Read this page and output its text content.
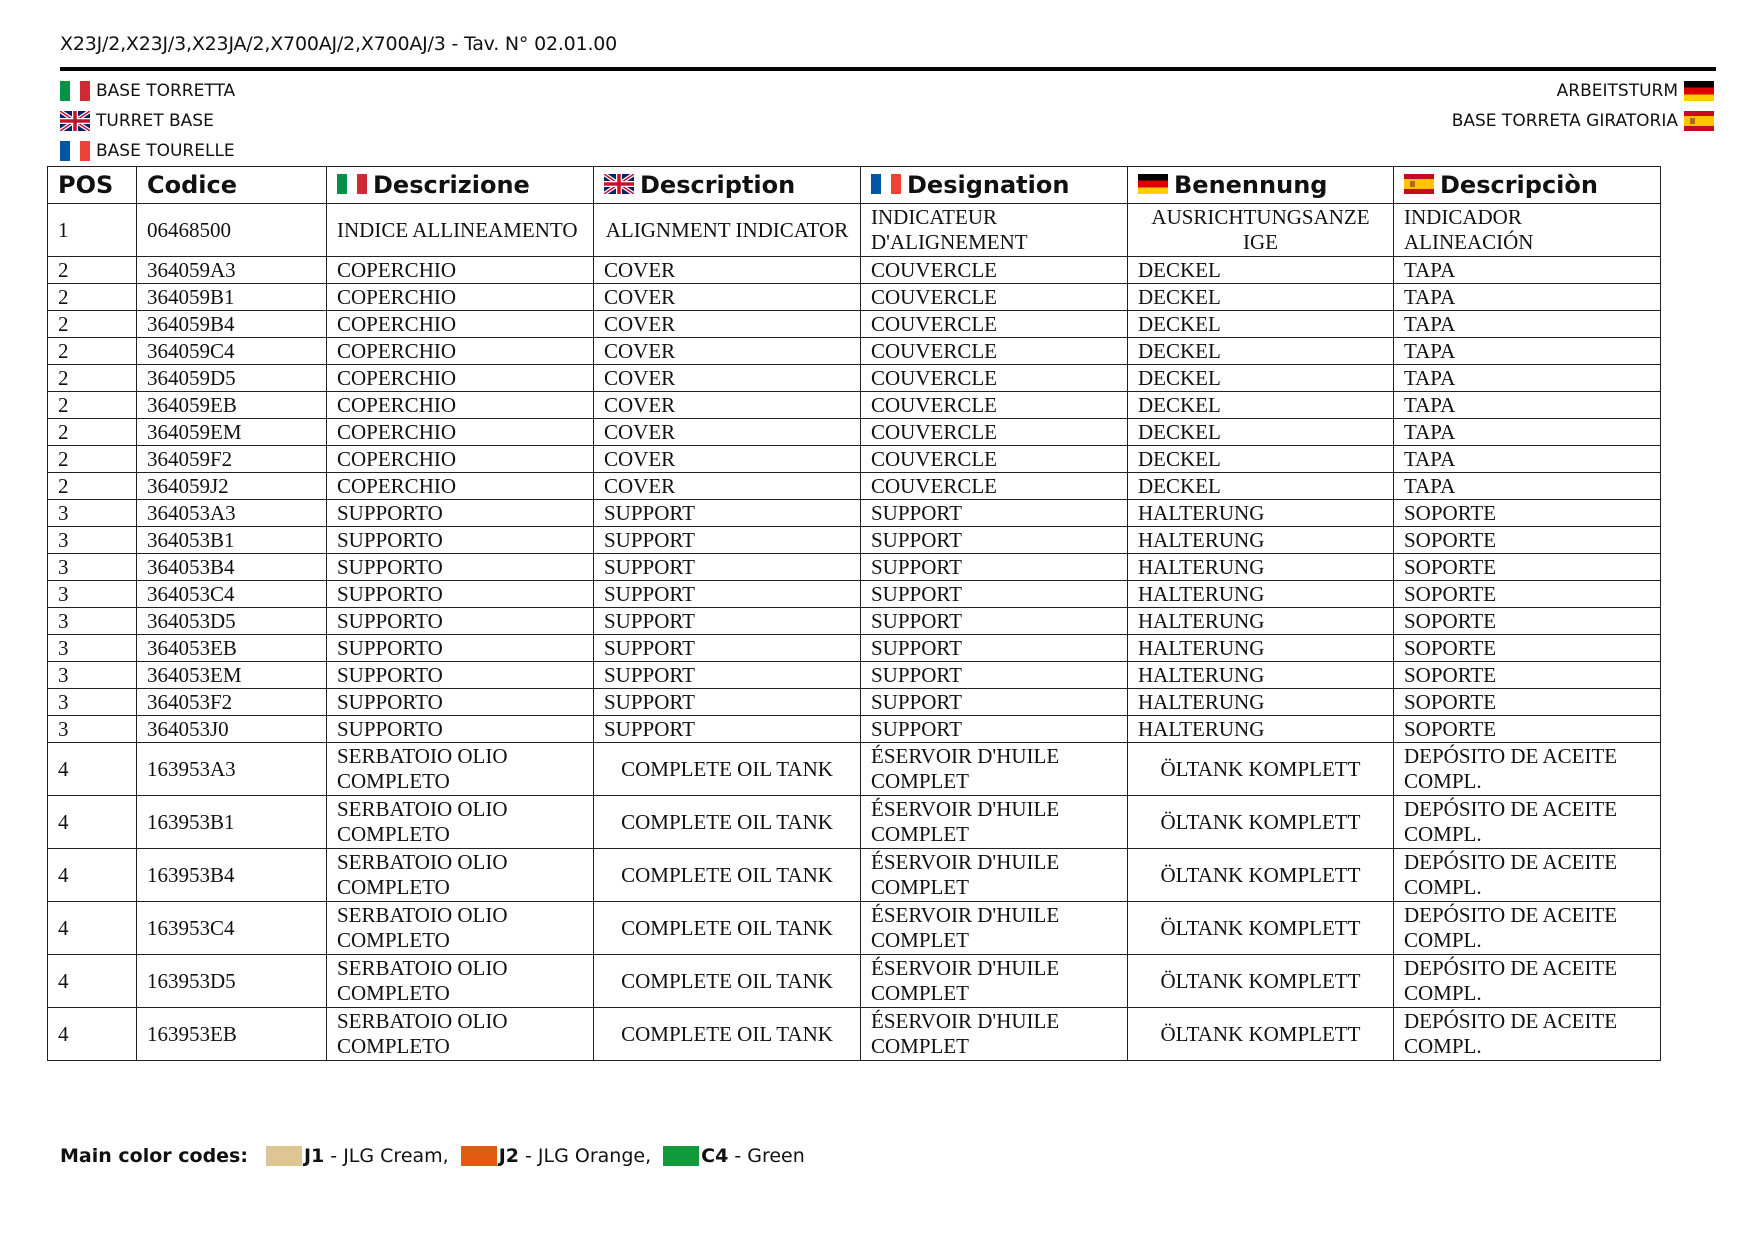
X23J/2,X23J/3,X23JA/2,X700AJ/2,X700AJ/3 - Tav. N° 02.01.00
BASE TORRETTA
TURRET BASE
BASE TOURELLE
ARBEITSTURM
BASE TORRETA GIRATORIA
POS	Codice	Descrizione	Description	Designation	Benennung	Descripciòn
1	06468500	INDICE ALLINEAMENTO	ALIGNMENT INDICATOR	INDICATEUR D'ALIGNEMENT	AUSRICHTUNGSANZE IGE	INDICADOR ALINEACIÓN
2	364059A3	COPERCHIO	COVER	COUVERCLE	DECKEL	TAPA
2	364059B1	COPERCHIO	COVER	COUVERCLE	DECKEL	TAPA
2	364059B4	COPERCHIO	COVER	COUVERCLE	DECKEL	TAPA
2	364059C4	COPERCHIO	COVER	COUVERCLE	DECKEL	TAPA
2	364059D5	COPERCHIO	COVER	COUVERCLE	DECKEL	TAPA
2	364059EB	COPERCHIO	COVER	COUVERCLE	DECKEL	TAPA
2	364059EM	COPERCHIO	COVER	COUVERCLE	DECKEL	TAPA
2	364059F2	COPERCHIO	COVER	COUVERCLE	DECKEL	TAPA
2	364059J2	COPERCHIO	COVER	COUVERCLE	DECKEL	TAPA
3	364053A3	SUPPORTO	SUPPORT	SUPPORT	HALTERUNG	SOPORTE
3	364053B1	SUPPORTO	SUPPORT	SUPPORT	HALTERUNG	SOPORTE
3	364053B4	SUPPORTO	SUPPORT	SUPPORT	HALTERUNG	SOPORTE
3	364053C4	SUPPORTO	SUPPORT	SUPPORT	HALTERUNG	SOPORTE
3	364053D5	SUPPORTO	SUPPORT	SUPPORT	HALTERUNG	SOPORTE
3	364053EB	SUPPORTO	SUPPORT	SUPPORT	HALTERUNG	SOPORTE
3	364053EM	SUPPORTO	SUPPORT	SUPPORT	HALTERUNG	SOPORTE
3	364053F2	SUPPORTO	SUPPORT	SUPPORT	HALTERUNG	SOPORTE
3	364053J0	SUPPORTO	SUPPORT	SUPPORT	HALTERUNG	SOPORTE
4	163953A3	SERBATOIO OLIO COMPLETO	COMPLETE OIL TANK	ÉSERVOIR D'HUILE COMPLET	ÖLTANK KOMPLETT	DEPÓSITO DE ACEITE COMPL.
4	163953B1	SERBATOIO OLIO COMPLETO	COMPLETE OIL TANK	ÉSERVOIR D'HUILE COMPLET	ÖLTANK KOMPLETT	DEPÓSITO DE ACEITE COMPL.
4	163953B4	SERBATOIO OLIO COMPLETO	COMPLETE OIL TANK	ÉSERVOIR D'HUILE COMPLET	ÖLTANK KOMPLETT	DEPÓSITO DE ACEITE COMPL.
4	163953C4	SERBATOIO OLIO COMPLETO	COMPLETE OIL TANK	ÉSERVOIR D'HUILE COMPLET	ÖLTANK KOMPLETT	DEPÓSITO DE ACEITE COMPL.
4	163953D5	SERBATOIO OLIO COMPLETO	COMPLETE OIL TANK	ÉSERVOIR D'HUILE COMPLET	ÖLTANK KOMPLETT	DEPÓSITO DE ACEITE COMPL.
4	163953EB	SERBATOIO OLIO COMPLETO	COMPLETE OIL TANK	ÉSERVOIR D'HUILE COMPLET	ÖLTANK KOMPLETT	DEPÓSITO DE ACEITE COMPL.
Main color codes:	J1 - JLG Cream,	J2 - JLG Orange,	C4 - Green
